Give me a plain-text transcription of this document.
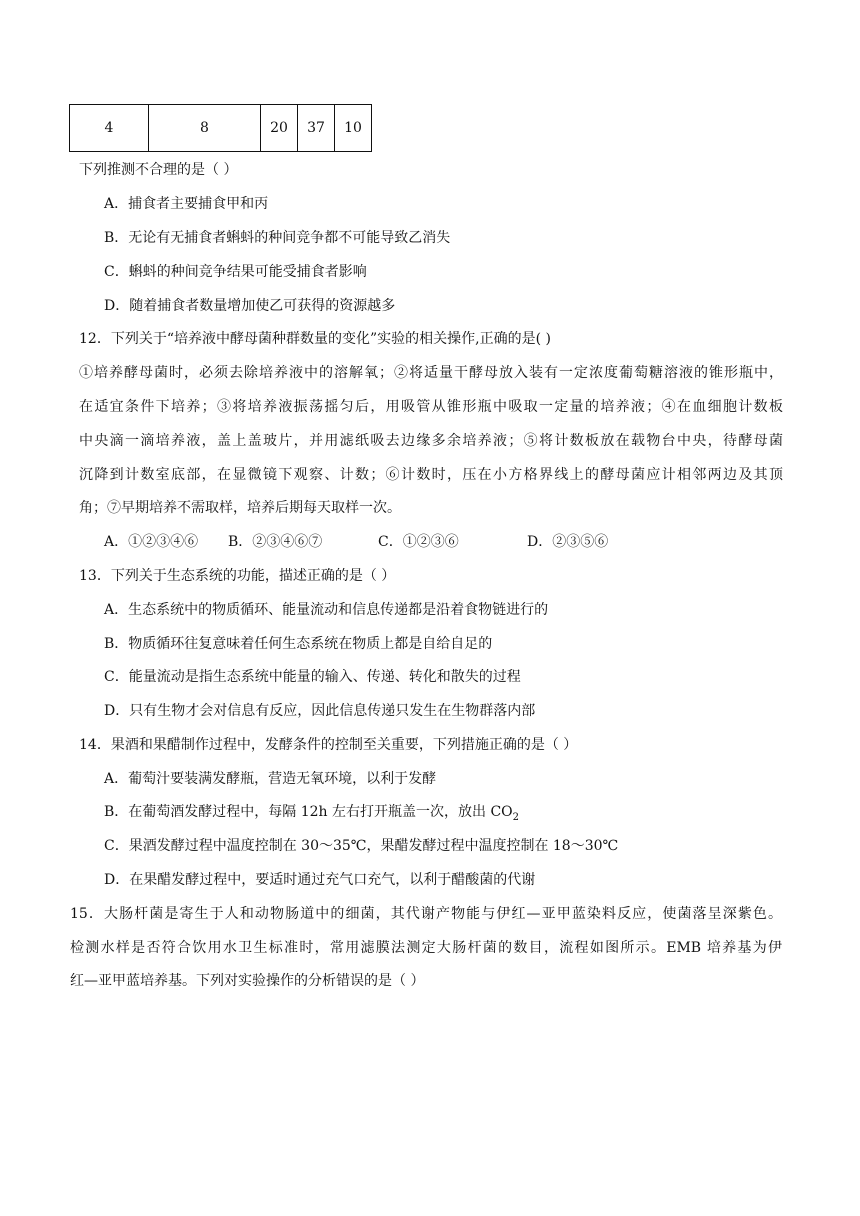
4	8	20	37	10
下列推测不合理的是（ ）
A．捕食者主要捕食甲和丙
B．无论有无捕食者蝌蚪的种间竞争都不可能导致乙消失
C．蝌蚪的种间竞争结果可能受捕食者影响
D．随着捕食者数量增加使乙可获得的资源越多
12．下列关于“培养液中酵母菌种群数量的变化”实验的相关操作,正确的是( )
①培养酵母菌时，必须去除培养液中的溶解氧；②将适量干酵母放入装有一定浓度葡萄糖溶液的锥形瓶中，
在适宜条件下培养；③将培养液振荡摇匀后，用吸管从锥形瓶中吸取一定量的培养液；④在血细胞计数板
中央滴一滴培养液，盖上盖玻片，并用滤纸吸去边缘多余培养液；⑤将计数板放在载物台中央，待酵母菌
沉降到计数室底部，在显微镜下观察、计数；⑥计数时，压在小方格界线上的酵母菌应计相邻两边及其顶
角；⑦早期培养不需取样，培养后期每天取样一次。
A．①②③④⑥ B．②③④⑥⑦	C．①②③⑥	D．②③⑤⑥
13．下列关于生态系统的功能，描述正确的是（ ）
A．生态系统中的物质循环、能量流动和信息传递都是沿着食物链进行的
B．物质循环往复意味着任何生态系统在物质上都是自给自足的
C．能量流动是指生态系统中能量的输入、传递、转化和散失的过程
D．只有生物才会对信息有反应，因此信息传递只发生在生物群落内部
14．果酒和果醋制作过程中，发酵条件的控制至关重要，下列措施正确的是（ ）
A．葡萄汁要装满发酵瓶，营造无氧环境，以利于发酵
B．在葡萄酒发酵过程中，每隔 12h 左右打开瓶盖一次，放出 $CO_2$
C．果酒发酵过程中温度控制在 30～35℃，果醋发酵过程中温度控制在 18～30℃
D．在果醋发酵过程中，要适时通过充气口充气，以利于醋酸菌的代谢
15．大肠杆菌是寄生于人和动物肠道中的细菌，其代谢产物能与伊红—亚甲蓝染料反应，使菌落呈深紫色。
检测水样是否符合饮用水卫生标准时，常用滤膜法测定大肠杆菌的数目，流程如图所示。EMB 培养基为伊
红—亚甲蓝培养基。下列对实验操作的分析错误的是（ ）
